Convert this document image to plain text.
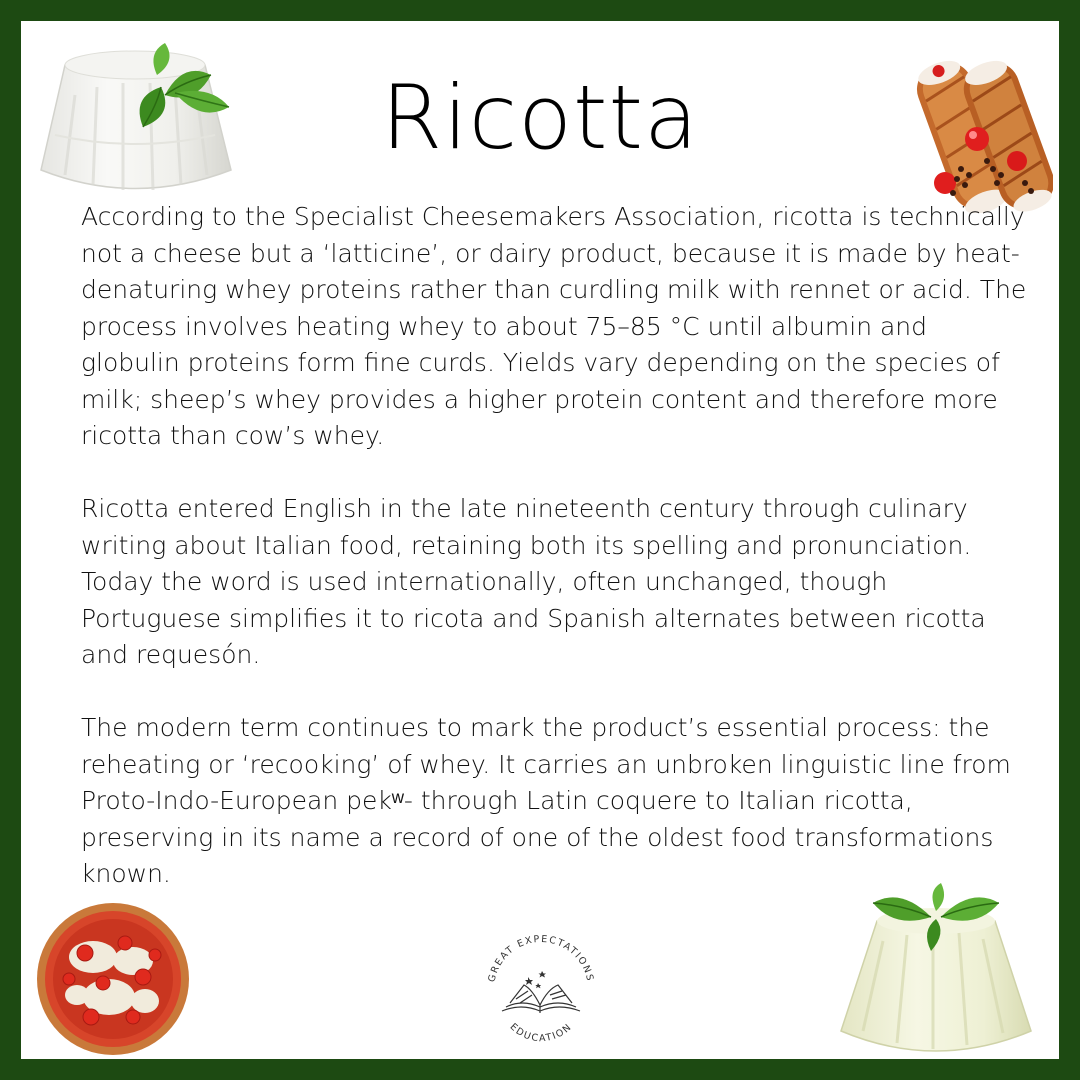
Ricotta

According to the Specialist Cheesemakers Association, ricotta is technically not a cheese but a ‘latticine’, or dairy product, because it is made by heat-denaturing whey proteins rather than curdling milk with rennet or acid. The process involves heating whey to about 75–85 °C until albumin and globulin proteins form fine curds. Yields vary depending on the species of milk; sheep’s whey provides a higher protein content and therefore more ricotta than cow’s whey.

Ricotta entered English in the late nineteenth century through culinary writing about Italian food, retaining both its spelling and pronunciation. Today the word is used internationally, often unchanged, though Portuguese simplifies it to ricota and Spanish alternates between ricotta and requesón.

The modern term continues to mark the product’s essential process: the reheating or ‘recooking’ of whey. It carries an unbroken linguistic line from Proto-Indo-European pekʷ- through Latin coquere to Italian ricotta, preserving in its name a record of one of the oldest food transformations known.

GREAT EXPECTATIONS
EDUCATION
